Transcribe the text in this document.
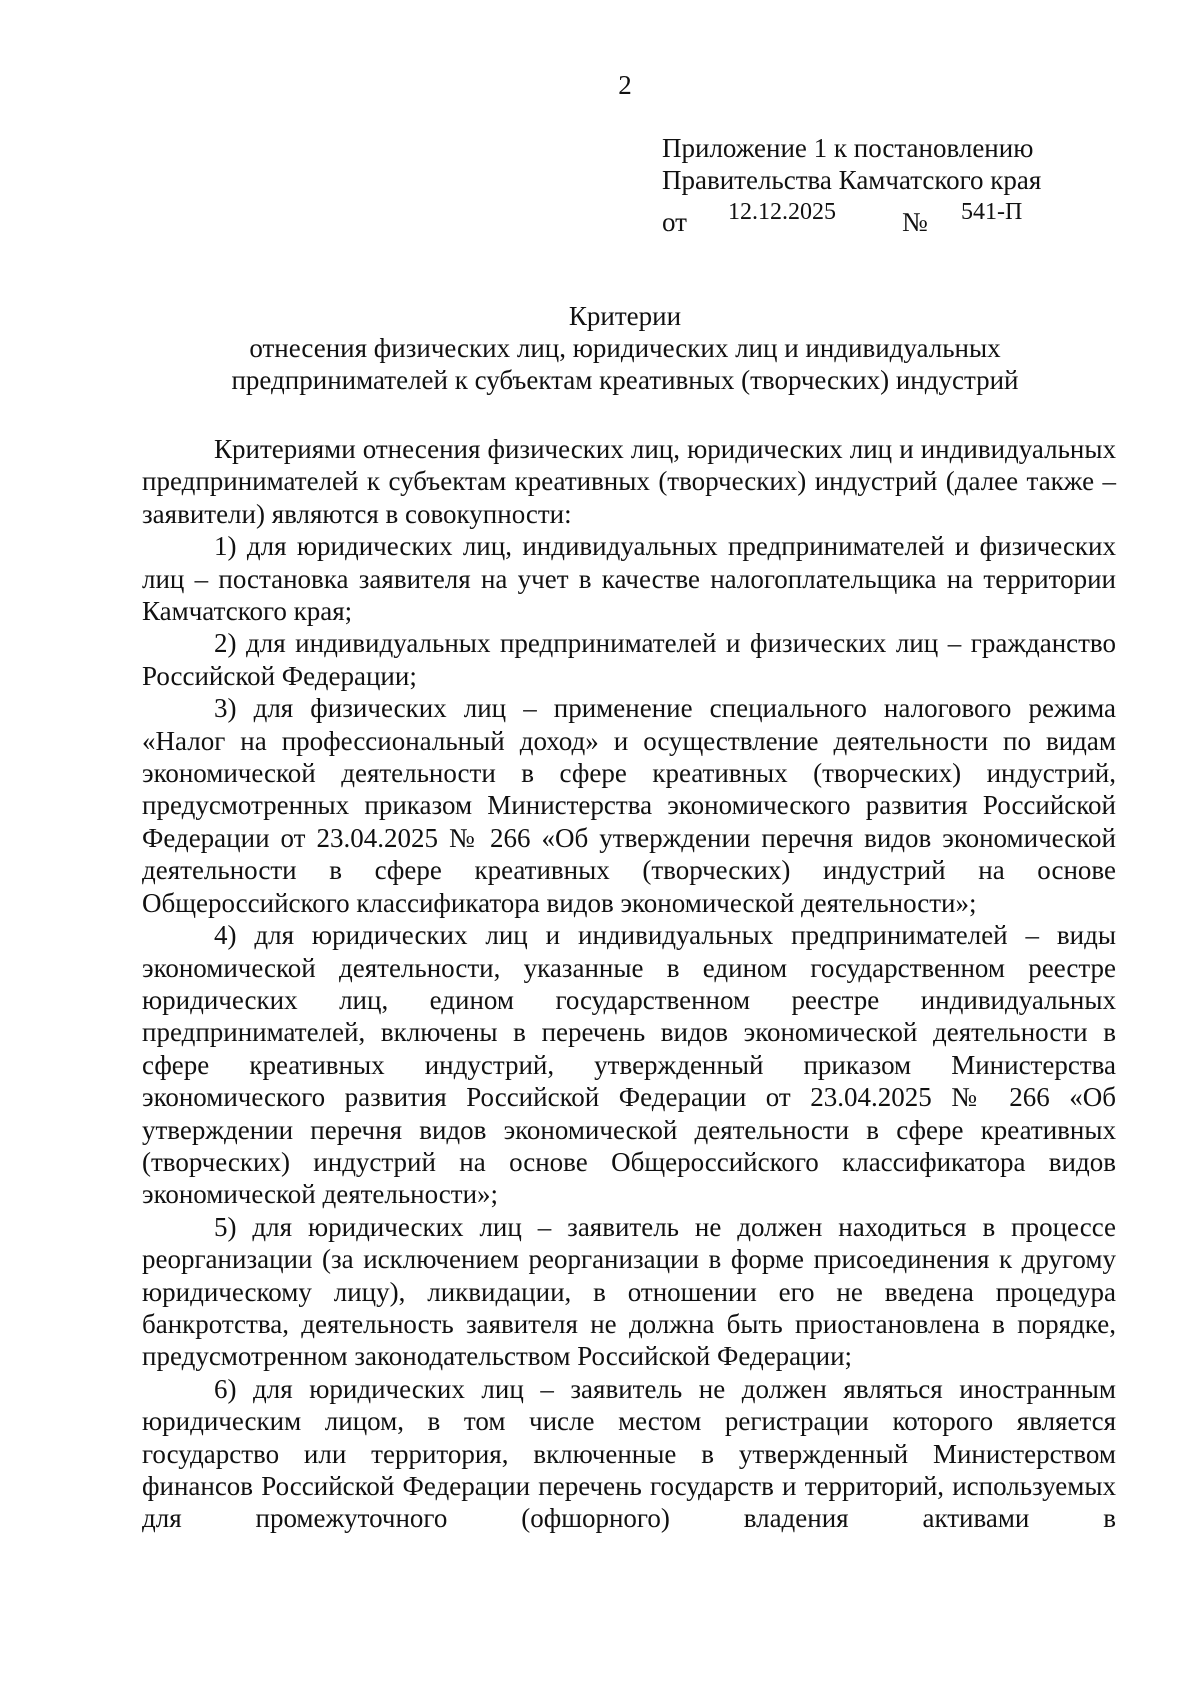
2
Приложение 1 к постановлению
Правительства Камчатского края
от 12.12.2025 № 541-П
Критерии
отнесения физических лиц, юридических лиц и индивидуальных
предпринимателей к субъектам креативных (творческих) индустрий

Критериями отнесения физических лиц, юридических лиц и индивидуальных предпринимателей к субъектам креативных (творческих) индустрий (далее также – заявители) являются в совокупности:

1) для юридических лиц, индивидуальных предпринимателей и физических лиц – постановка заявителя на учет в качестве налогоплательщика на территории Камчатского края;

2) для индивидуальных предпринимателей и физических лиц – гражданство Российской Федерации;

3) для физических лиц – применение специального налогового режима «Налог на профессиональный доход» и осуществление деятельности по видам экономической деятельности в сфере креативных (творческих) индустрий, предусмотренных приказом Министерства экономического развития Российской Федерации от 23.04.2025 № 266 «Об утверждении перечня видов экономической деятельности в сфере креативных (творческих) индустрий на основе Общероссийского классификатора видов экономической деятельности»;

4) для юридических лиц и индивидуальных предпринимателей – виды экономической деятельности, указанные в едином государственном реестре юридических лиц, едином государственном реестре индивидуальных предпринимателей, включены в перечень видов экономической деятельности в сфере креативных индустрий, утвержденный приказом Министерства экономического развития Российской Федерации от 23.04.2025 № 266 «Об утверждении перечня видов экономической деятельности в сфере креативных (творческих) индустрий на основе Общероссийского классификатора видов экономической деятельности»;

5) для юридических лиц – заявитель не должен находиться в процессе реорганизации (за исключением реорганизации в форме присоединения к другому юридическому лицу), ликвидации, в отношении его не введена процедура банкротства, деятельность заявителя не должна быть приостановлена в порядке, предусмотренном законодательством Российской Федерации;

6) для юридических лиц – заявитель не должен являться иностранным юридическим лицом, в том числе местом регистрации которого является государство или территория, включенные в утвержденный Министерством финансов Российской Федерации перечень государств и территорий, используемых для промежуточного (офшорного) владения активами в
